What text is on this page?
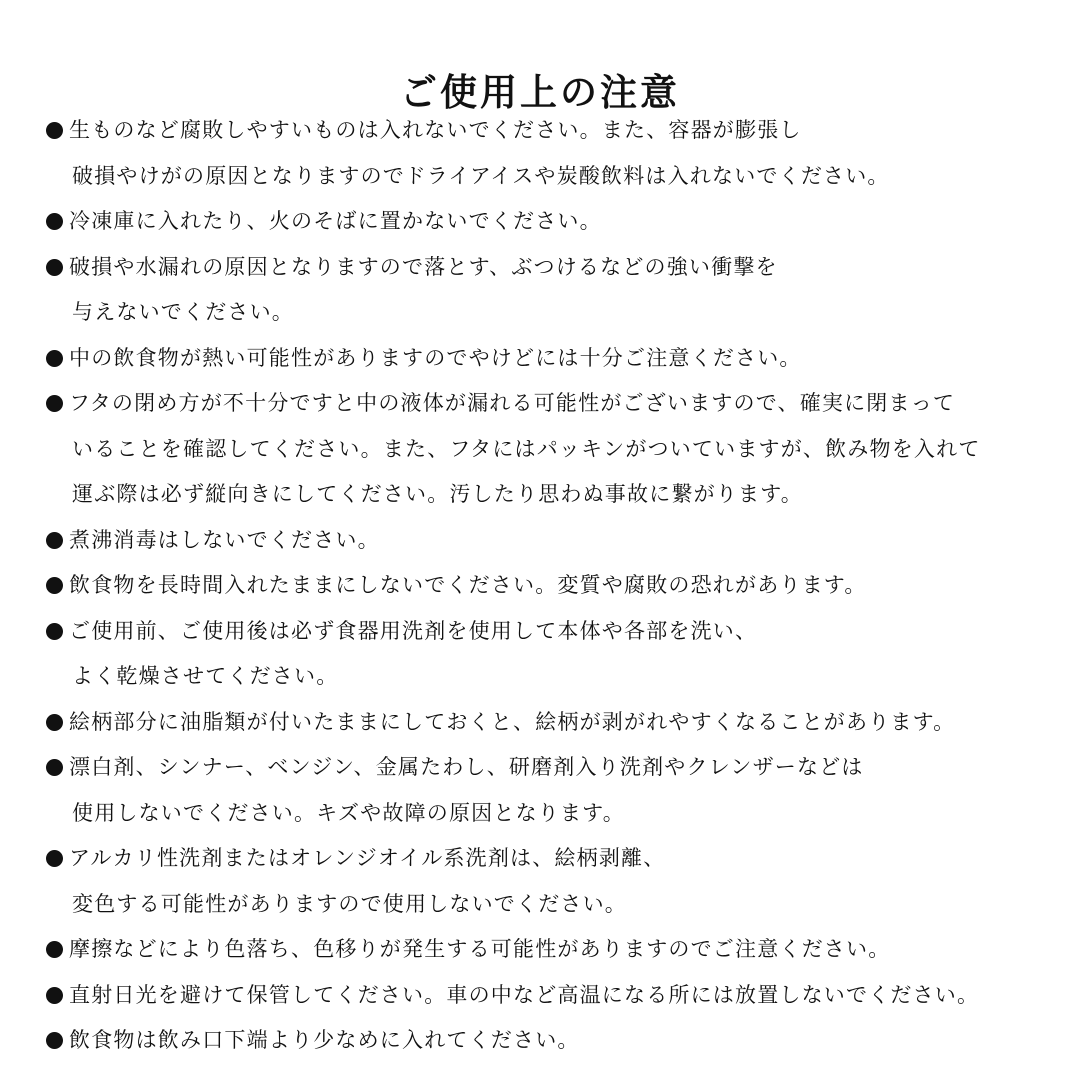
ご使用上の注意
生ものなど腐敗しやすいものは入れないでください。また、容器が膨張し
破損やけがの原因となりますのでドライアイスや炭酸飲料は入れないでください。
冷凍庫に入れたり、火のそばに置かないでください。
破損や水漏れの原因となりますので落とす、ぶつけるなどの強い衝撃を
与えないでください。
中の飲食物が熱い可能性がありますのでやけどには十分ご注意ください。
フタの閉め方が不十分ですと中の液体が漏れる可能性がございますので、確実に閉まって
いることを確認してください。また、フタにはパッキンがついていますが、飲み物を入れて
運ぶ際は必ず縦向きにしてください。汚したり思わぬ事故に繋がります。
煮沸消毒はしないでください。
飲食物を長時間入れたままにしないでください。変質や腐敗の恐れがあります。
ご使用前、ご使用後は必ず食器用洗剤を使用して本体や各部を洗い、
よく乾燥させてください。
絵柄部分に油脂類が付いたままにしておくと、絵柄が剥がれやすくなることがあります。
漂白剤、シンナー、ベンジン、金属たわし、研磨剤入り洗剤やクレンザーなどは
使用しないでください。キズや故障の原因となります。
アルカリ性洗剤またはオレンジオイル系洗剤は、絵柄剥離、
変色する可能性がありますので使用しないでください。
摩擦などにより色落ち、色移りが発生する可能性がありますのでご注意ください。
直射日光を避けて保管してください。車の中など高温になる所には放置しないでください。
飲食物は飲み口下端より少なめに入れてください。
